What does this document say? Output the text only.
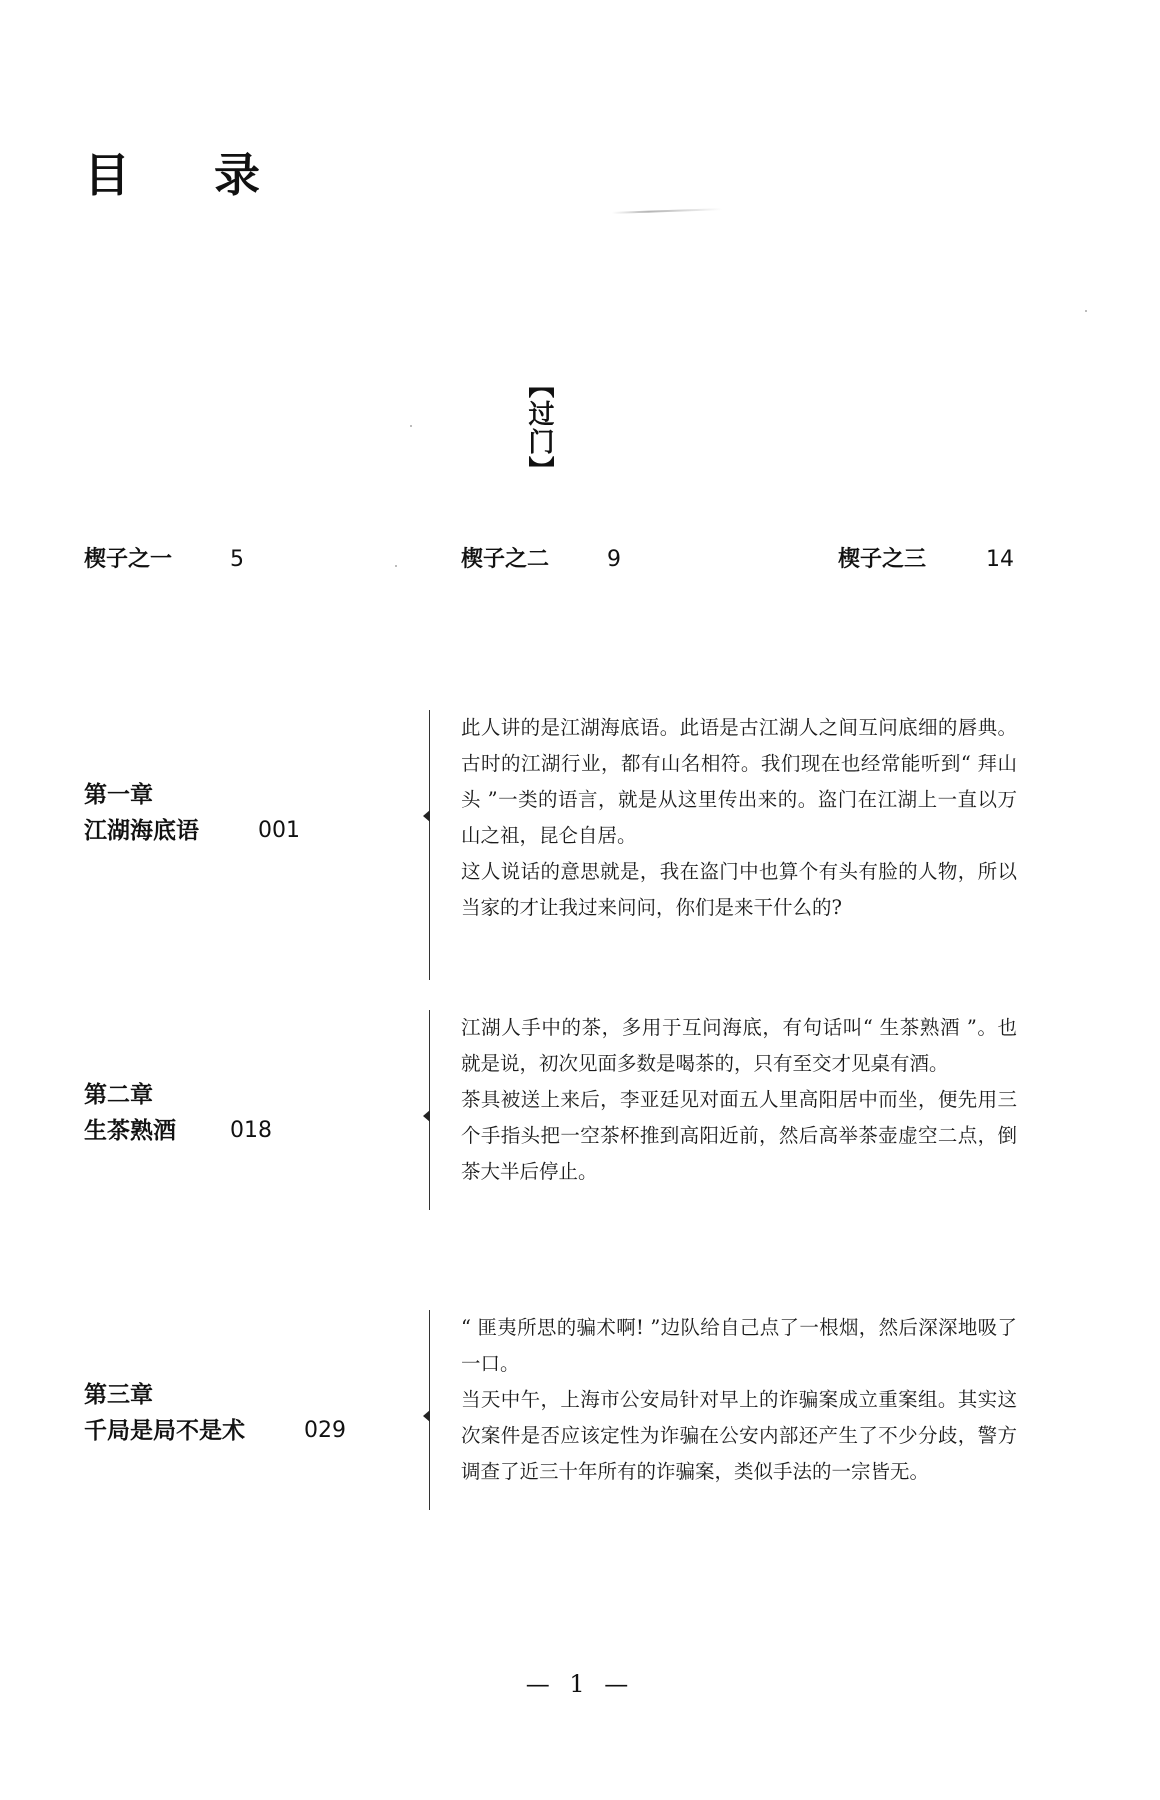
目 录
【过门】
楔子之一	5	楔子之二	9	楔子之三	14
第一章
江湖海底语	001

此人讲的是江湖海底语。此语是古江湖人之间互问底细的唇典。古时的江湖行业，都有山名相符。我们现在也经常能听到“ 拜山头 ”一类的语言，就是从这里传出来的。盗门在江湖上一直以万山之祖，昆仑自居。

这人说话的意思就是，我在盗门中也算个有头有脸的人物，所以当家的才让我过来问问，你们是来干什么的?

第二章
生茶熟酒 018

江湖人手中的茶，多用于互问海底，有句话叫“ 生茶熟酒 ”。也就是说，初次见面多数是喝茶的，只有至交才见桌有酒。

茶具被送上来后，李亚廷见对面五人里高阳居中而坐，便先用三个手指头把一空茶杯推到高阳近前，然后高举茶壶虚空二点，倒茶大半后停止。

第三章
千局是局不是术	029

“ 匪夷所思的骗术啊! ”边队给自己点了一根烟，然后深深地吸了一口。

当天中午，上海市公安局针对早上的诈骗案成立重案组。其实这次案件是否应该定性为诈骗在公安内部还产生了不少分歧，警方调查了近三十年所有的诈骗案，类似手法的一宗皆无。

— 1 —
